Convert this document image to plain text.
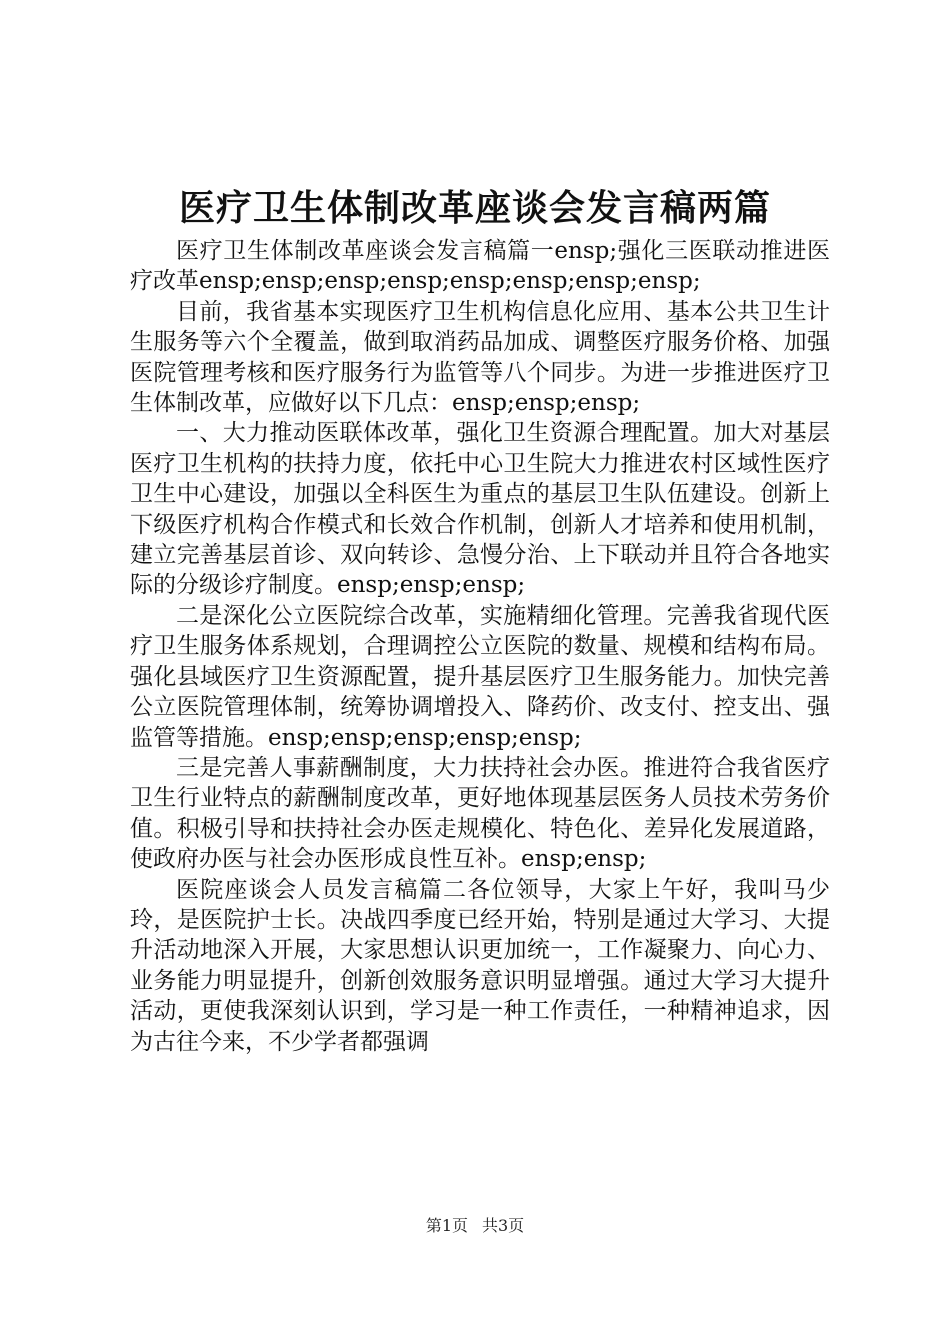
医疗卫生体制改革座谈会发言稿两篇

医疗卫生体制改革座谈会发言稿篇一ensp;强化三医联动推进医疗改革ensp;ensp;ensp;ensp;ensp;ensp;ensp;ensp;

目前，我省基本实现医疗卫生机构信息化应用、基本公共卫生计生服务等六个全覆盖，做到取消药品加成、调整医疗服务价格、加强医院管理考核和医疗服务行为监管等八个同步。为进一步推进医疗卫生体制改革，应做好以下几点：ensp;ensp;ensp;

一、大力推动医联体改革，强化卫生资源合理配置。加大对基层医疗卫生机构的扶持力度，依托中心卫生院大力推进农村区域性医疗卫生中心建设，加强以全科医生为重点的基层卫生队伍建设。创新上下级医疗机构合作模式和长效合作机制，创新人才培养和使用机制，建立完善基层首诊、双向转诊、急慢分治、上下联动并且符合各地实际的分级诊疗制度。ensp;ensp;ensp;

二是深化公立医院综合改革，实施精细化管理。完善我省现代医疗卫生服务体系规划，合理调控公立医院的数量、规模和结构布局。强化县域医疗卫生资源配置，提升基层医疗卫生服务能力。加快完善公立医院管理体制，统筹协调增投入、降药价、改支付、控支出、强监管等措施。ensp;ensp;ensp;ensp;ensp;

三是完善人事薪酬制度，大力扶持社会办医。推进符合我省医疗卫生行业特点的薪酬制度改革，更好地体现基层医务人员技术劳务价值。积极引导和扶持社会办医走规模化、特色化、差异化发展道路，使政府办医与社会办医形成良性互补。ensp;ensp;

医院座谈会人员发言稿篇二各位领导，大家上午好，我叫马少玲，是医院护士长。决战四季度已经开始，特别是通过大学习、大提升活动地深入开展，大家思想认识更加统一，工作凝聚力、向心力、业务能力明显提升，创新创效服务意识明显增强。通过大学习大提升活动，更使我深刻认识到，学习是一种工作责任，一种精神追求，因为古往今来，不少学者都强调

第1页 共3页
